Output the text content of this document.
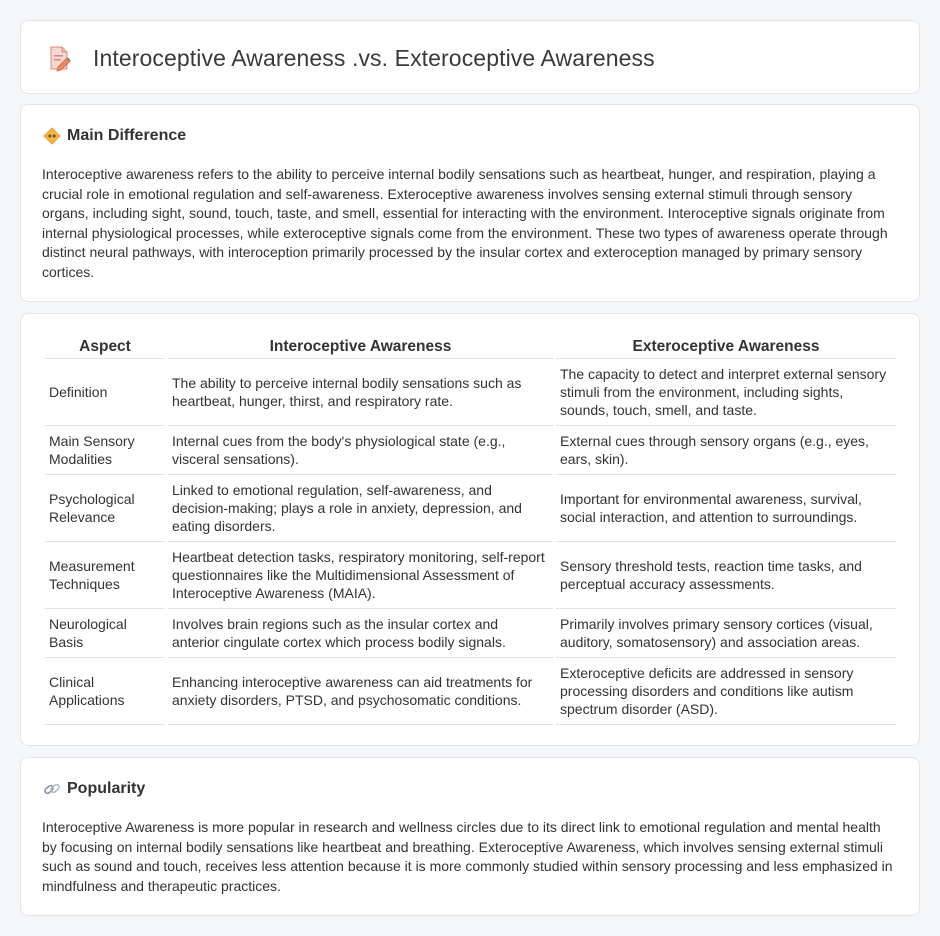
Interoceptive Awareness .vs. Exteroceptive Awareness
Main Difference

Interoceptive awareness refers to the ability to perceive internal bodily sensations such as heartbeat, hunger, and respiration, playing a crucial role in emotional regulation and self-awareness. Exteroceptive awareness involves sensing external stimuli through sensory organs, including sight, sound, touch, taste, and smell, essential for interacting with the environment. Interoceptive signals originate from internal physiological processes, while exteroceptive signals come from the environment. These two types of awareness operate through distinct neural pathways, with interoception primarily processed by the insular cortex and exteroception managed by primary sensory cortices.

Aspect	Interoceptive Awareness	Exteroceptive Awareness
Definition	The ability to perceive internal bodily sensations such as heartbeat, hunger, thirst, and respiratory rate.	The capacity to detect and interpret external sensory stimuli from the environment, including sights, sounds, touch, smell, and taste.
Main Sensory Modalities	Internal cues from the body's physiological state (e.g., visceral sensations).	External cues through sensory organs (e.g., eyes, ears, skin).
Psychological Relevance	Linked to emotional regulation, self-awareness, and decision-making; plays a role in anxiety, depression, and eating disorders.	Important for environmental awareness, survival, social interaction, and attention to surroundings.
Measurement Techniques	Heartbeat detection tasks, respiratory monitoring, self-report questionnaires like the Multidimensional Assessment of Interoceptive Awareness (MAIA).	Sensory threshold tests, reaction time tasks, and perceptual accuracy assessments.
Neurological Basis	Involves brain regions such as the insular cortex and anterior cingulate cortex which process bodily signals.	Primarily involves primary sensory cortices (visual, auditory, somatosensory) and association areas.
Clinical Applications	Enhancing interoceptive awareness can aid treatments for anxiety disorders, PTSD, and psychosomatic conditions.	Exteroceptive deficits are addressed in sensory processing disorders and conditions like autism spectrum disorder (ASD).
Popularity

Interoceptive Awareness is more popular in research and wellness circles due to its direct link to emotional regulation and mental health by focusing on internal bodily sensations like heartbeat and breathing. Exteroceptive Awareness, which involves sensing external stimuli such as sound and touch, receives less attention because it is more commonly studied within sensory processing and less emphasized in mindfulness and therapeutic practices.
